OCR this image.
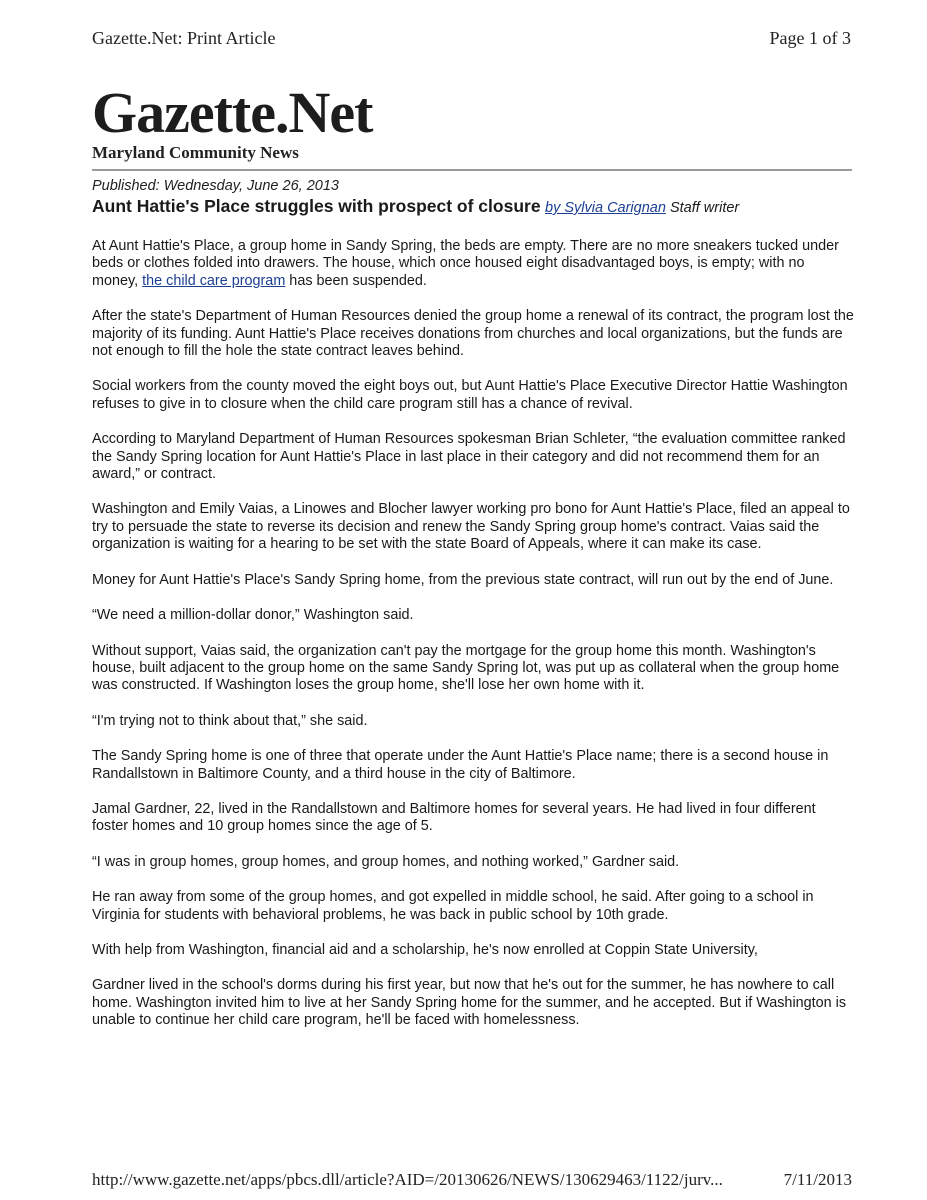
Gazette.Net: Print Article	Page 1 of 3
Gazette.Net
Maryland Community News
Published: Wednesday, June 26, 2013
Aunt Hattie's Place struggles with prospect of closure by Sylvia Carignan Staff writer

At Aunt Hattie's Place, a group home in Sandy Spring, the beds are empty. There are no more sneakers tucked under beds or clothes folded into drawers. The house, which once housed eight disadvantaged boys, is empty; with no money, the child care program has been suspended.

After the state's Department of Human Resources denied the group home a renewal of its contract, the program lost the majority of its funding. Aunt Hattie's Place receives donations from churches and local organizations, but the funds are not enough to fill the hole the state contract leaves behind.

Social workers from the county moved the eight boys out, but Aunt Hattie's Place Executive Director Hattie Washington refuses to give in to closure when the child care program still has a chance of revival.

According to Maryland Department of Human Resources spokesman Brian Schleter, “the evaluation committee ranked the Sandy Spring location for Aunt Hattie's Place in last place in their category and did not recommend them for an award,” or contract.

Washington and Emily Vaias, a Linowes and Blocher lawyer working pro bono for Aunt Hattie's Place, filed an appeal to try to persuade the state to reverse its decision and renew the Sandy Spring group home's contract. Vaias said the organization is waiting for a hearing to be set with the state Board of Appeals, where it can make its case.

Money for Aunt Hattie's Place's Sandy Spring home, from the previous state contract, will run out by the end of June.

“We need a million-dollar donor,” Washington said.

Without support, Vaias said, the organization can't pay the mortgage for the group home this month. Washington's house, built adjacent to the group home on the same Sandy Spring lot, was put up as collateral when the group home was constructed. If Washington loses the group home, she'll lose her own home with it.

“I'm trying not to think about that,” she said.

The Sandy Spring home is one of three that operate under the Aunt Hattie's Place name; there is a second house in Randallstown in Baltimore County, and a third house in the city of Baltimore.

Jamal Gardner, 22, lived in the Randallstown and Baltimore homes for several years. He had lived in four different foster homes and 10 group homes since the age of 5.

“I was in group homes, group homes, and group homes, and nothing worked,” Gardner said.

He ran away from some of the group homes, and got expelled in middle school, he said. After going to a school in Virginia for students with behavioral problems, he was back in public school by 10th grade.

With help from Washington, financial aid and a scholarship, he's now enrolled at Coppin State University,

Gardner lived in the school's dorms during his first year, but now that he's out for the summer, he has nowhere to call home. Washington invited him to live at her Sandy Spring home for the summer, and he accepted. But if Washington is unable to continue her child care program, he'll be faced with homelessness.

http://www.gazette.net/apps/pbcs.dll/article?AID=/20130626/NEWS/130629463/1122/jurv...	7/11/2013
